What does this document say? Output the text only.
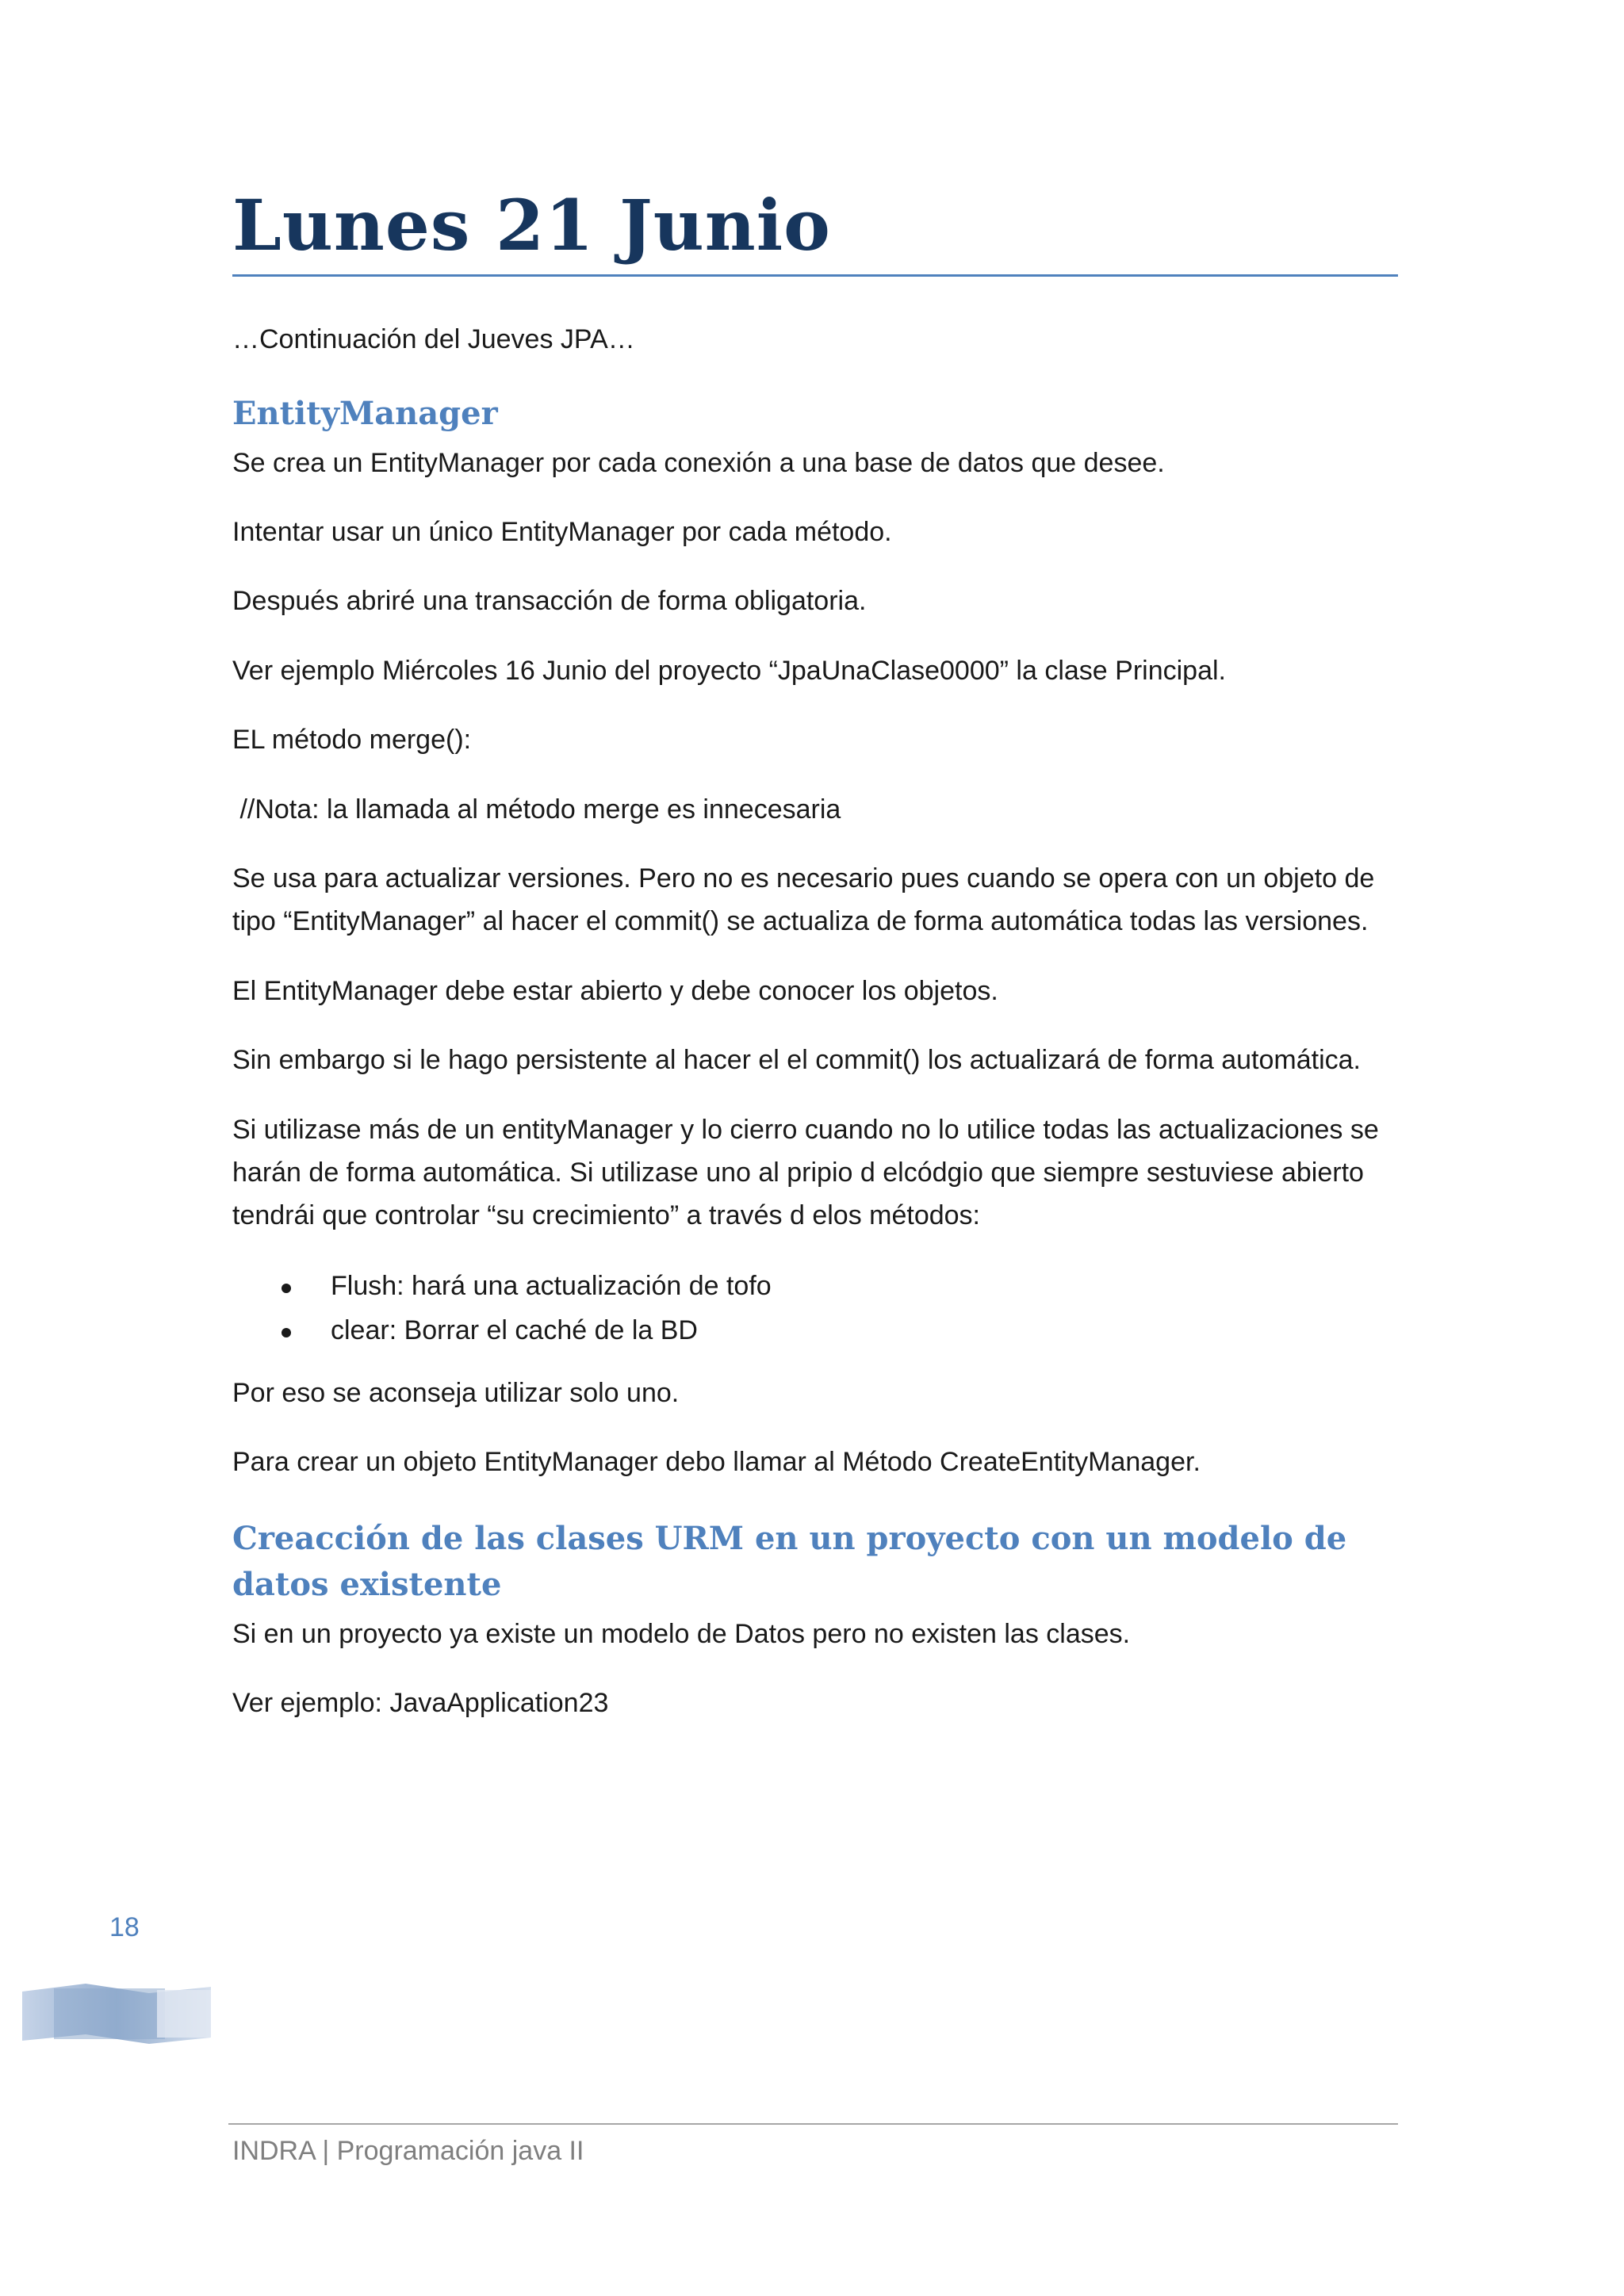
Lunes 21 Junio
…Continuación del Jueves JPA…
EntityManager

Se crea un EntityManager por cada conexión a una base de datos que desee.

Intentar usar un único EntityManager por cada método.

Después abriré una transacción de forma obligatoria.

Ver ejemplo Miércoles 16 Junio del proyecto “JpaUnaClase0000” la clase Principal.

EL método merge():

//Nota: la llamada al método merge es innecesaria

Se usa para actualizar versiones. Pero no es necesario pues cuando se opera con un objeto de tipo “EntityManager” al hacer el commit() se actualiza de forma automática todas las versiones.

El EntityManager debe estar abierto y debe conocer los objetos.

Sin embargo si le hago persistente al hacer el el commit() los actualizará de forma automática.

Si utilizase más de un entityManager y lo cierro cuando no lo utilice todas las actualizaciones se harán de forma automática. Si utilizase uno al pripio d elcódgio que siempre sestuviese abierto tendrái que controlar “su crecimiento” a través d elos métodos:

Flush: hará una actualización de tofo
clear: Borrar el caché de la BD

Por eso se aconseja utilizar solo uno.

Para crear un objeto EntityManager debo llamar al Método CreateEntityManager.

Creacción de las clases URM en un proyecto con un modelo de datos existente

Si en un proyecto ya existe un modelo de Datos pero no existen las clases.

Ver ejemplo: JavaApplication23

18
INDRA | Programación java II
